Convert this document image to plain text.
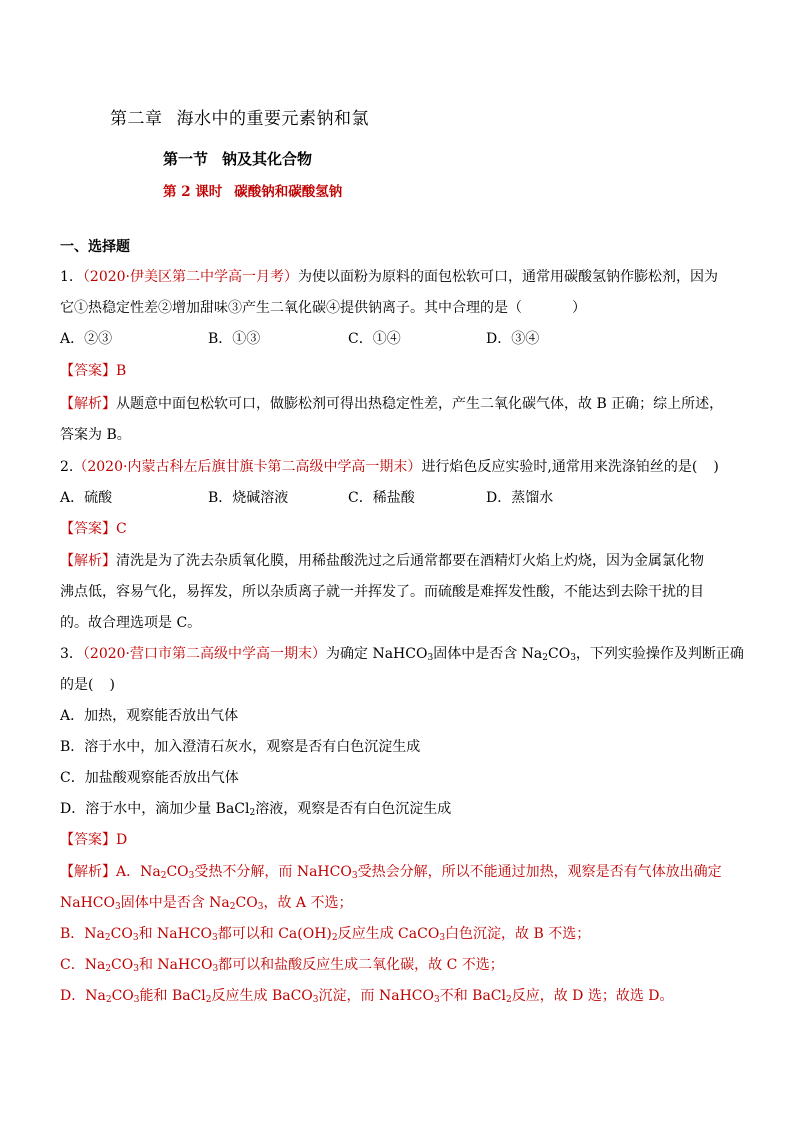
第二章 海水中的重要元素钠和氯
第一节 钠及其化合物
第 2 课时 碳酸钠和碳酸氢钠
一、选择题
1．（2020·伊美区第二中学高一月考）为使以面粉为原料的面包松软可口，通常用碳酸氢钠作膨松剂，因为
它①热稳定性差②增加甜味③产生二氧化碳④提供钠离子。其中合理的是（	）
A．②③	B．①③	C．①④	D．③④
【答案】B
【解析】从题意中面包松软可口，做膨松剂可得出热稳定性差，产生二氧化碳气体，故 B 正确；综上所述，
答案为 B。
2.（2020·内蒙古科左后旗甘旗卡第二高级中学高一期末）进行焰色反应实验时,通常用来洗涤铂丝的是( )
A．硫酸	B．烧碱溶液	C．稀盐酸	D．蒸馏水
【答案】C
【解析】清洗是为了洗去杂质氧化膜，用稀盐酸洗过之后通常都要在酒精灯火焰上灼烧，因为金属氯化物
沸点低，容易气化，易挥发，所以杂质离子就一并挥发了。而硫酸是难挥发性酸，不能达到去除干扰的目
的。故合理选项是 C。
3．（2020·营口市第二高级中学高一期末）为确定 NaHCO$_3$固体中是否含 $Na_2CO_3$，下列实验操作及判断正确
的是( )
A．加热，观察能否放出气体
B．溶于水中，加入澄清石灰水，观察是否有白色沉淀生成
C．加盐酸观察能否放出气体
D．溶于水中，滴加少量 BaCl$_2$溶液，观察是否有白色沉淀生成
【答案】D
【解析】A．$Na_2CO_3$受热不分解，而 NaHCO$_3$受热会分解，所以不能通过加热，观察是否有气体放出确定
NaHCO$_3$固体中是否含 $Na_2CO_3$，故 A 不选；
B．$Na_2CO_3$和 NaHCO$_3$都可以和 $Ca(OH)_2$反应生成 CaCO$_3$白色沉淀，故 B 不选；
C．$Na_2CO_3$和 NaHCO$_3$都可以和盐酸反应生成二氧化碳，故 C 不选；
D．$Na_2CO_3$能和 BaCl$_2$反应生成 BaCO$_3$沉淀，而 NaHCO$_3$不和 BaCl$_2$反应，故 D 选；故选 D。
